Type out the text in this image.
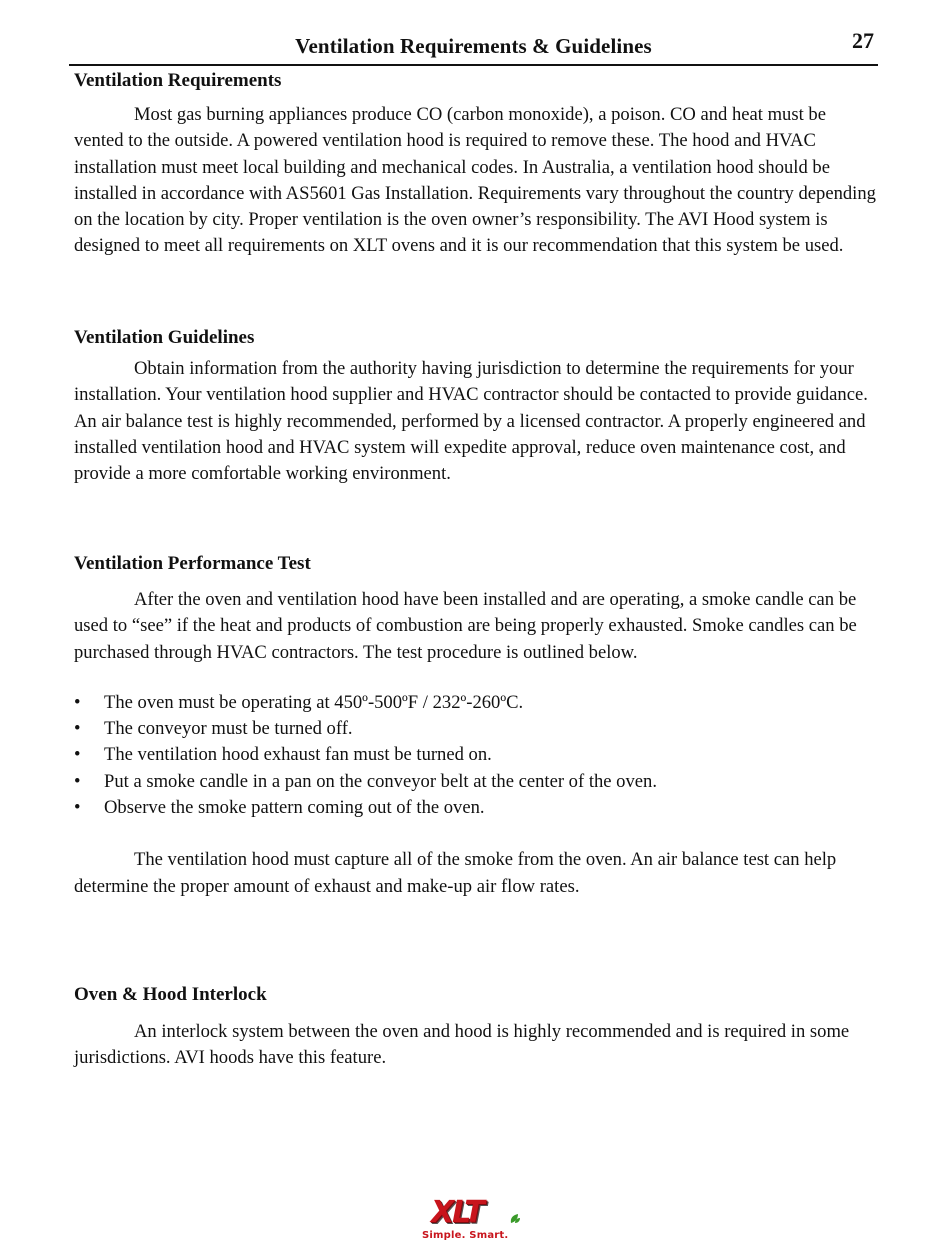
Ventilation Requirements & Guidelines	27
Ventilation Requirements

Most gas burning appliances produce CO (carbon monoxide), a poison. CO and heat must be vented to the outside. A powered ventilation hood is required to remove these. The hood and HVAC installation must meet local building and mechanical codes. In Australia, a ventilation hood should be installed in accordance with AS5601 Gas Installation. Requirements vary throughout the country depending on the location by city. Proper ventilation is the oven owner’s responsibility. The AVI Hood system is designed to meet all requirements on XLT ovens and it is our recommendation that this system be used.

Ventilation Guidelines

Obtain information from the authority having jurisdiction to determine the requirements for your installation. Your ventilation hood supplier and HVAC contractor should be contacted to provide guidance. An air balance test is highly recommended, performed by a licensed contractor. A properly engineered and installed ventilation hood and HVAC system will expedite approval, reduce oven maintenance cost, and provide a more comfortable working environment.

Ventilation Performance Test

After the oven and ventilation hood have been installed and are operating, a smoke candle can be used to “see” if the heat and products of combustion are being properly exhausted. Smoke candles can be purchased through HVAC contractors. The test procedure is outlined below.

• The oven must be operating at 450º-500ºF / 232º-260ºC.
• The conveyor must be turned off.
• The ventilation hood exhaust fan must be turned on.
• Put a smoke candle in a pan on the conveyor belt at the center of the oven.
• Observe the smoke pattern coming out of the oven.

The ventilation hood must capture all of the smoke from the oven. An air balance test can help determine the proper amount of exhaust and make-up air flow rates.

Oven & Hood Interlock

An interlock system between the oven and hood is highly recommended and is required in some jurisdictions. AVI hoods have this feature.

XLT
Simple. Smart.
